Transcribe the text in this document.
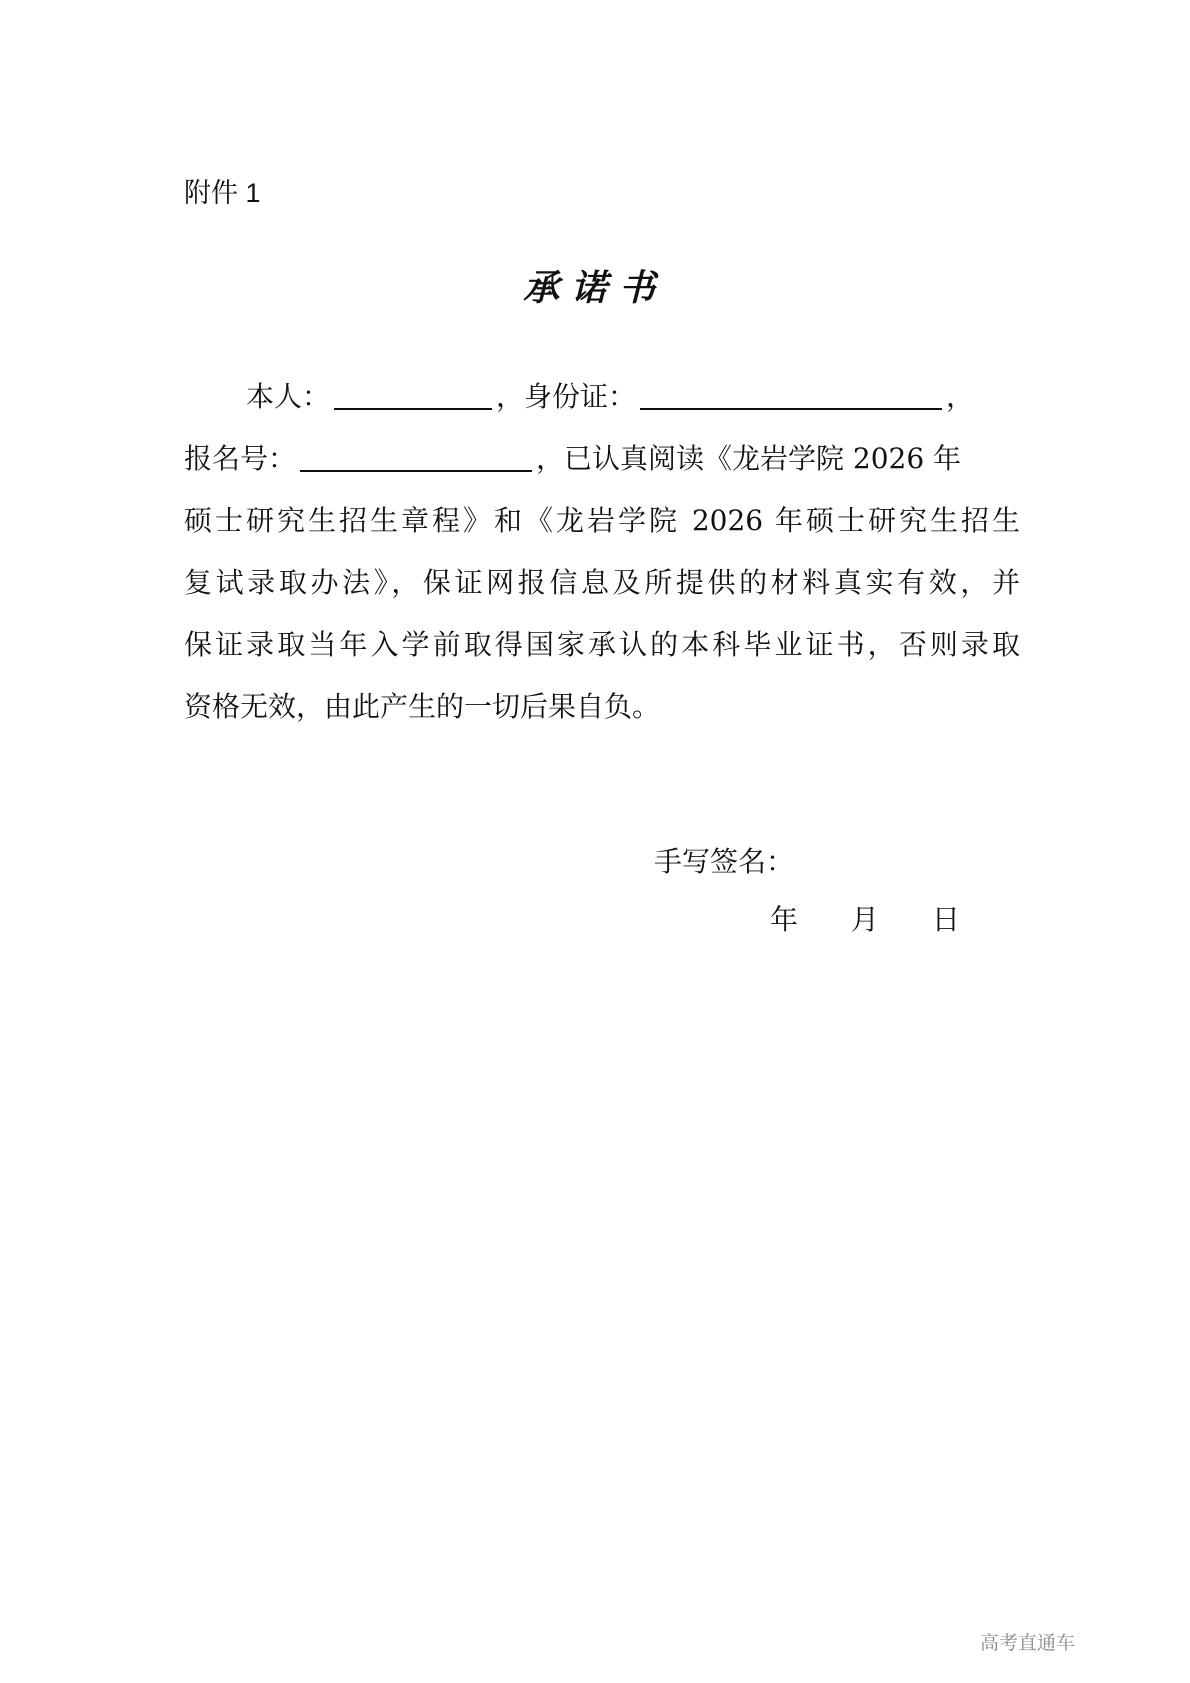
附件 1
承诺书
本人：	，身份证：	，
报名号：	，已认真阅读《龙岩学院 2026 年
硕士研究生招生章程》和《龙岩学院 2026 年硕士研究生招生
复试录取办法》，保证网报信息及所提供的材料真实有效，并
保证录取当年入学前取得国家承认的本科毕业证书，否则录取
资格无效，由此产生的一切后果自负。
手写签名：
年 月 日
高考直通车
